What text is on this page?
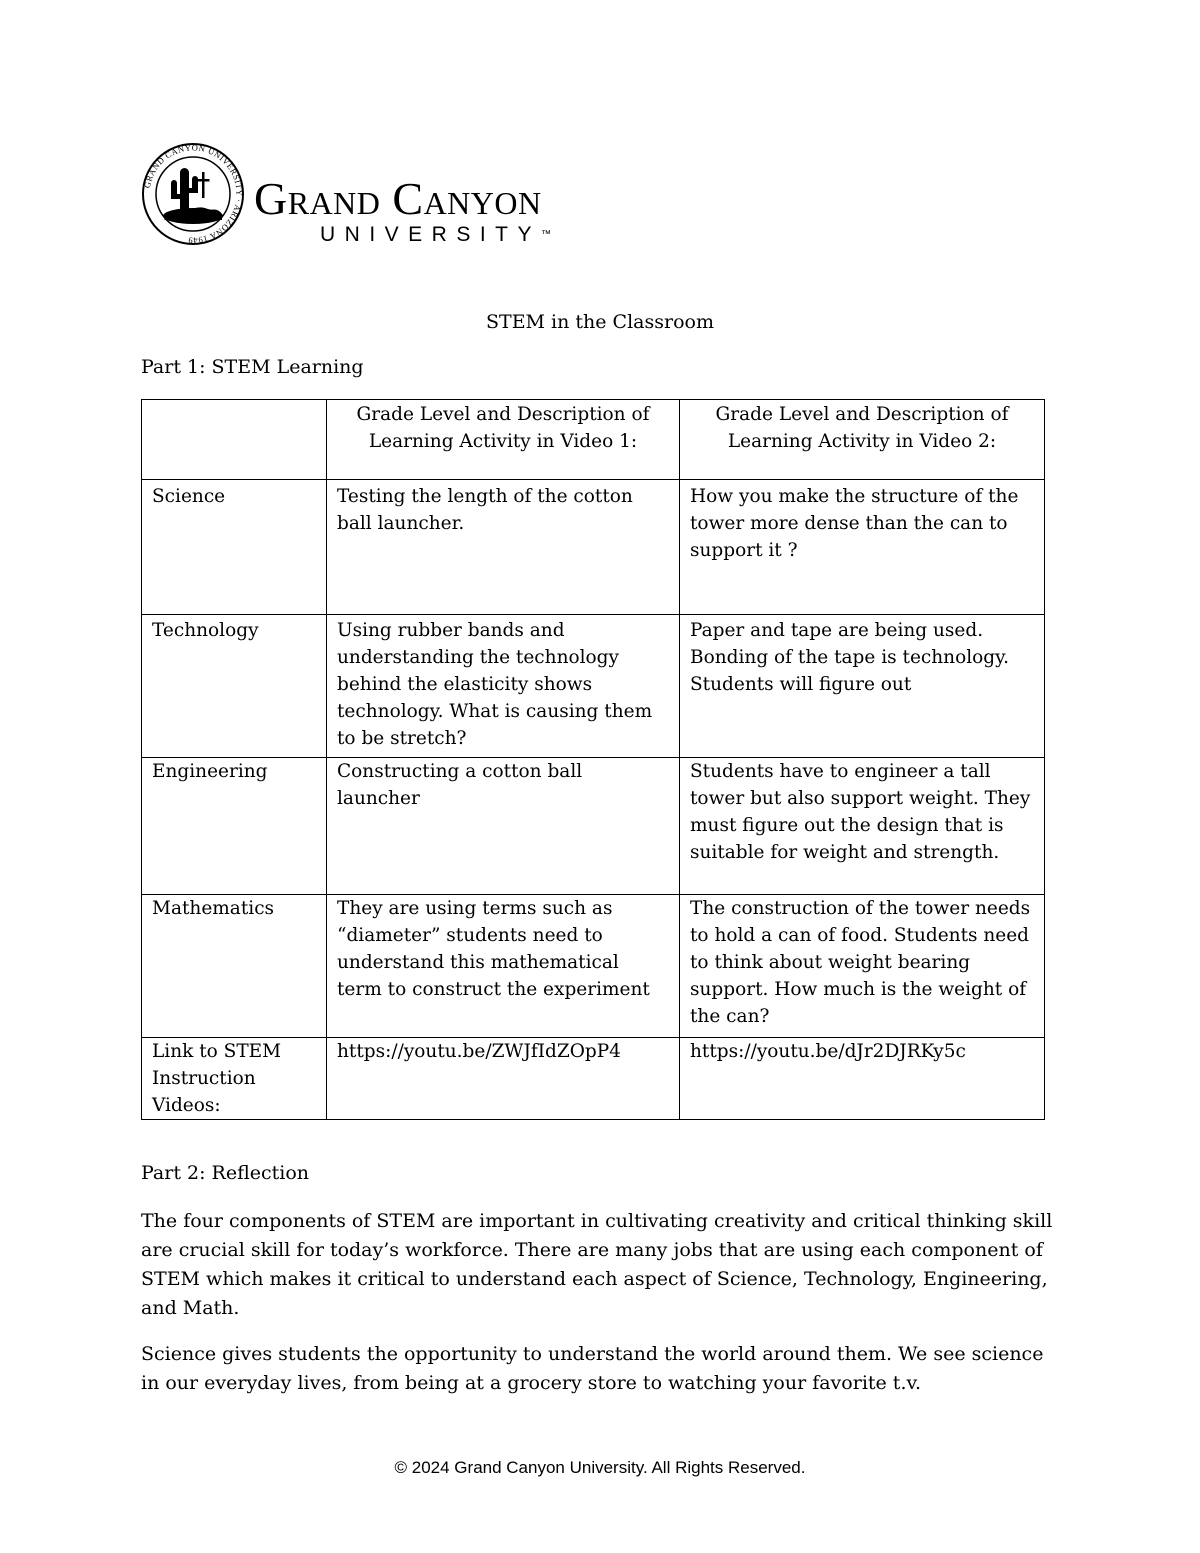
GRAND CANYON UNIVERSITY · ARIZONA 1949
Grand Canyon
UNIVERSITY™
STEM in the Classroom
Part 1: STEM Learning
	Grade Level and Description of Learning Activity in Video 1:	Grade Level and Description of Learning Activity in Video 2:
Science	Testing the length of the cotton ball launcher.	How you make the structure of the tower more dense than the can to support it ?
Technology	Using rubber bands and understanding the technology behind the elasticity shows technology. What is causing them to be stretch?	Paper and tape are being used. Bonding of the tape is technology. Students will figure out
Engineering	Constructing a cotton ball launcher	Students have to engineer a tall tower but also support weight. They must figure out the design that is suitable for weight and strength.
Mathematics	They are using terms such as “diameter” students need to understand this mathematical term to construct the experiment	The construction of the tower needs to hold a can of food. Students need to think about weight bearing support. How much is the weight of the can?
Link to STEM Instruction Videos:	https://youtu.be/ZWJfIdZOpP4	https://youtu.be/dJr2DJRKy5c
Part 2: Reflection

The four components of STEM are important in cultivating creativity and critical thinking skill are crucial skill for today’s workforce. There are many jobs that are using each component of STEM which makes it critical to understand each aspect of Science, Technology, Engineering, and Math.

Science gives students the opportunity to understand the world around them. We see science in our everyday lives, from being at a grocery store to watching your favorite t.v.

© 2024 Grand Canyon University. All Rights Reserved.
